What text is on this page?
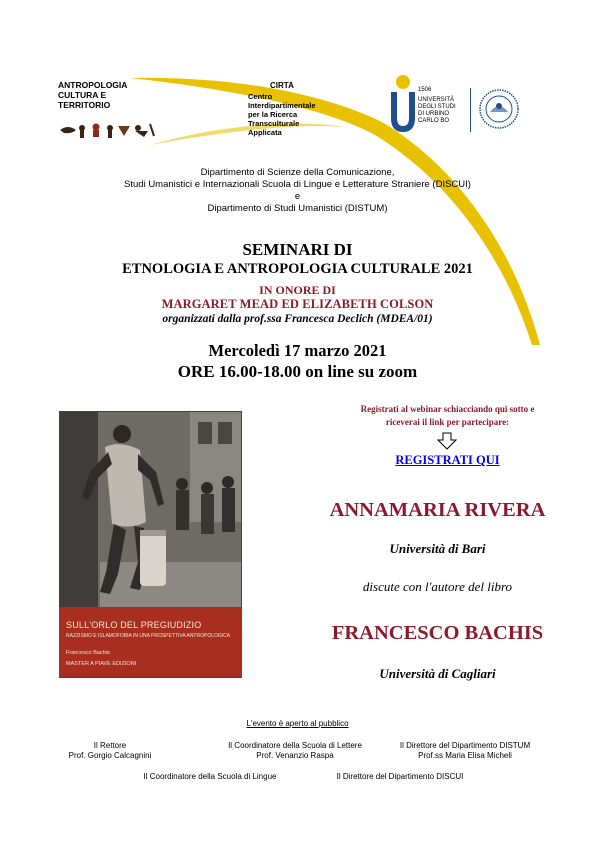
ANTROPOLOGIA
CULTURA E
TERRITORIO
CIRTA
Centro
Interdipartimentale
per la Ricerca
Transculturale
Applicata
1506
UNIVERSITÀ
DEGLI STUDI
DI URBINO
CARLO BO
Dipartimento di Scienze della Comunicazione,
Studi Umanistici e Internazionali Scuola di Lingue e Letterature Straniere (DISCUI)
e
Dipartimento di Studi Umanistici (DISTUM)
SEMINARI DI
ETNOLOGIA E ANTROPOLOGIA CULTURALE 2021
IN ONORE DI
MARGARET MEAD ED ELIZABETH COLSON
organizzati dalla prof.ssa Francesca Declich (MDEA/01)
Mercoledì 17 marzo 2021
ORE 16.00-18.00 on line su zoom
SULL'ORLO DEL PREGIUDIZIO
RAZZISMO E ISLAMOFOBIA IN UNA PROSPETTIVA ANTROPOLOGICA
Francesco Bachis
MASTER A PIAVE EDIZIONI
Registrati al webinar schiacciando qui sotto e
riceverai il link per partecipare:
REGISTRATI QUI
ANNAMARIA RIVERA
Università di Bari
discute con l'autore del libro
FRANCESCO BACHIS
Università di Cagliari
L'evento è aperto al pubblico
Il Rettore
Prof. Gorgio Calcagnini
Il Coordinatore della Scuola di Lettere
Prof. Venanzio Raspa
Il Direttore del Dipartimento DISTUM
Prof.ss Maria Elisa Micheli
Il Coordinatore della Scuola di Lingue	Il Direttore del Dipartimento DISCUI
